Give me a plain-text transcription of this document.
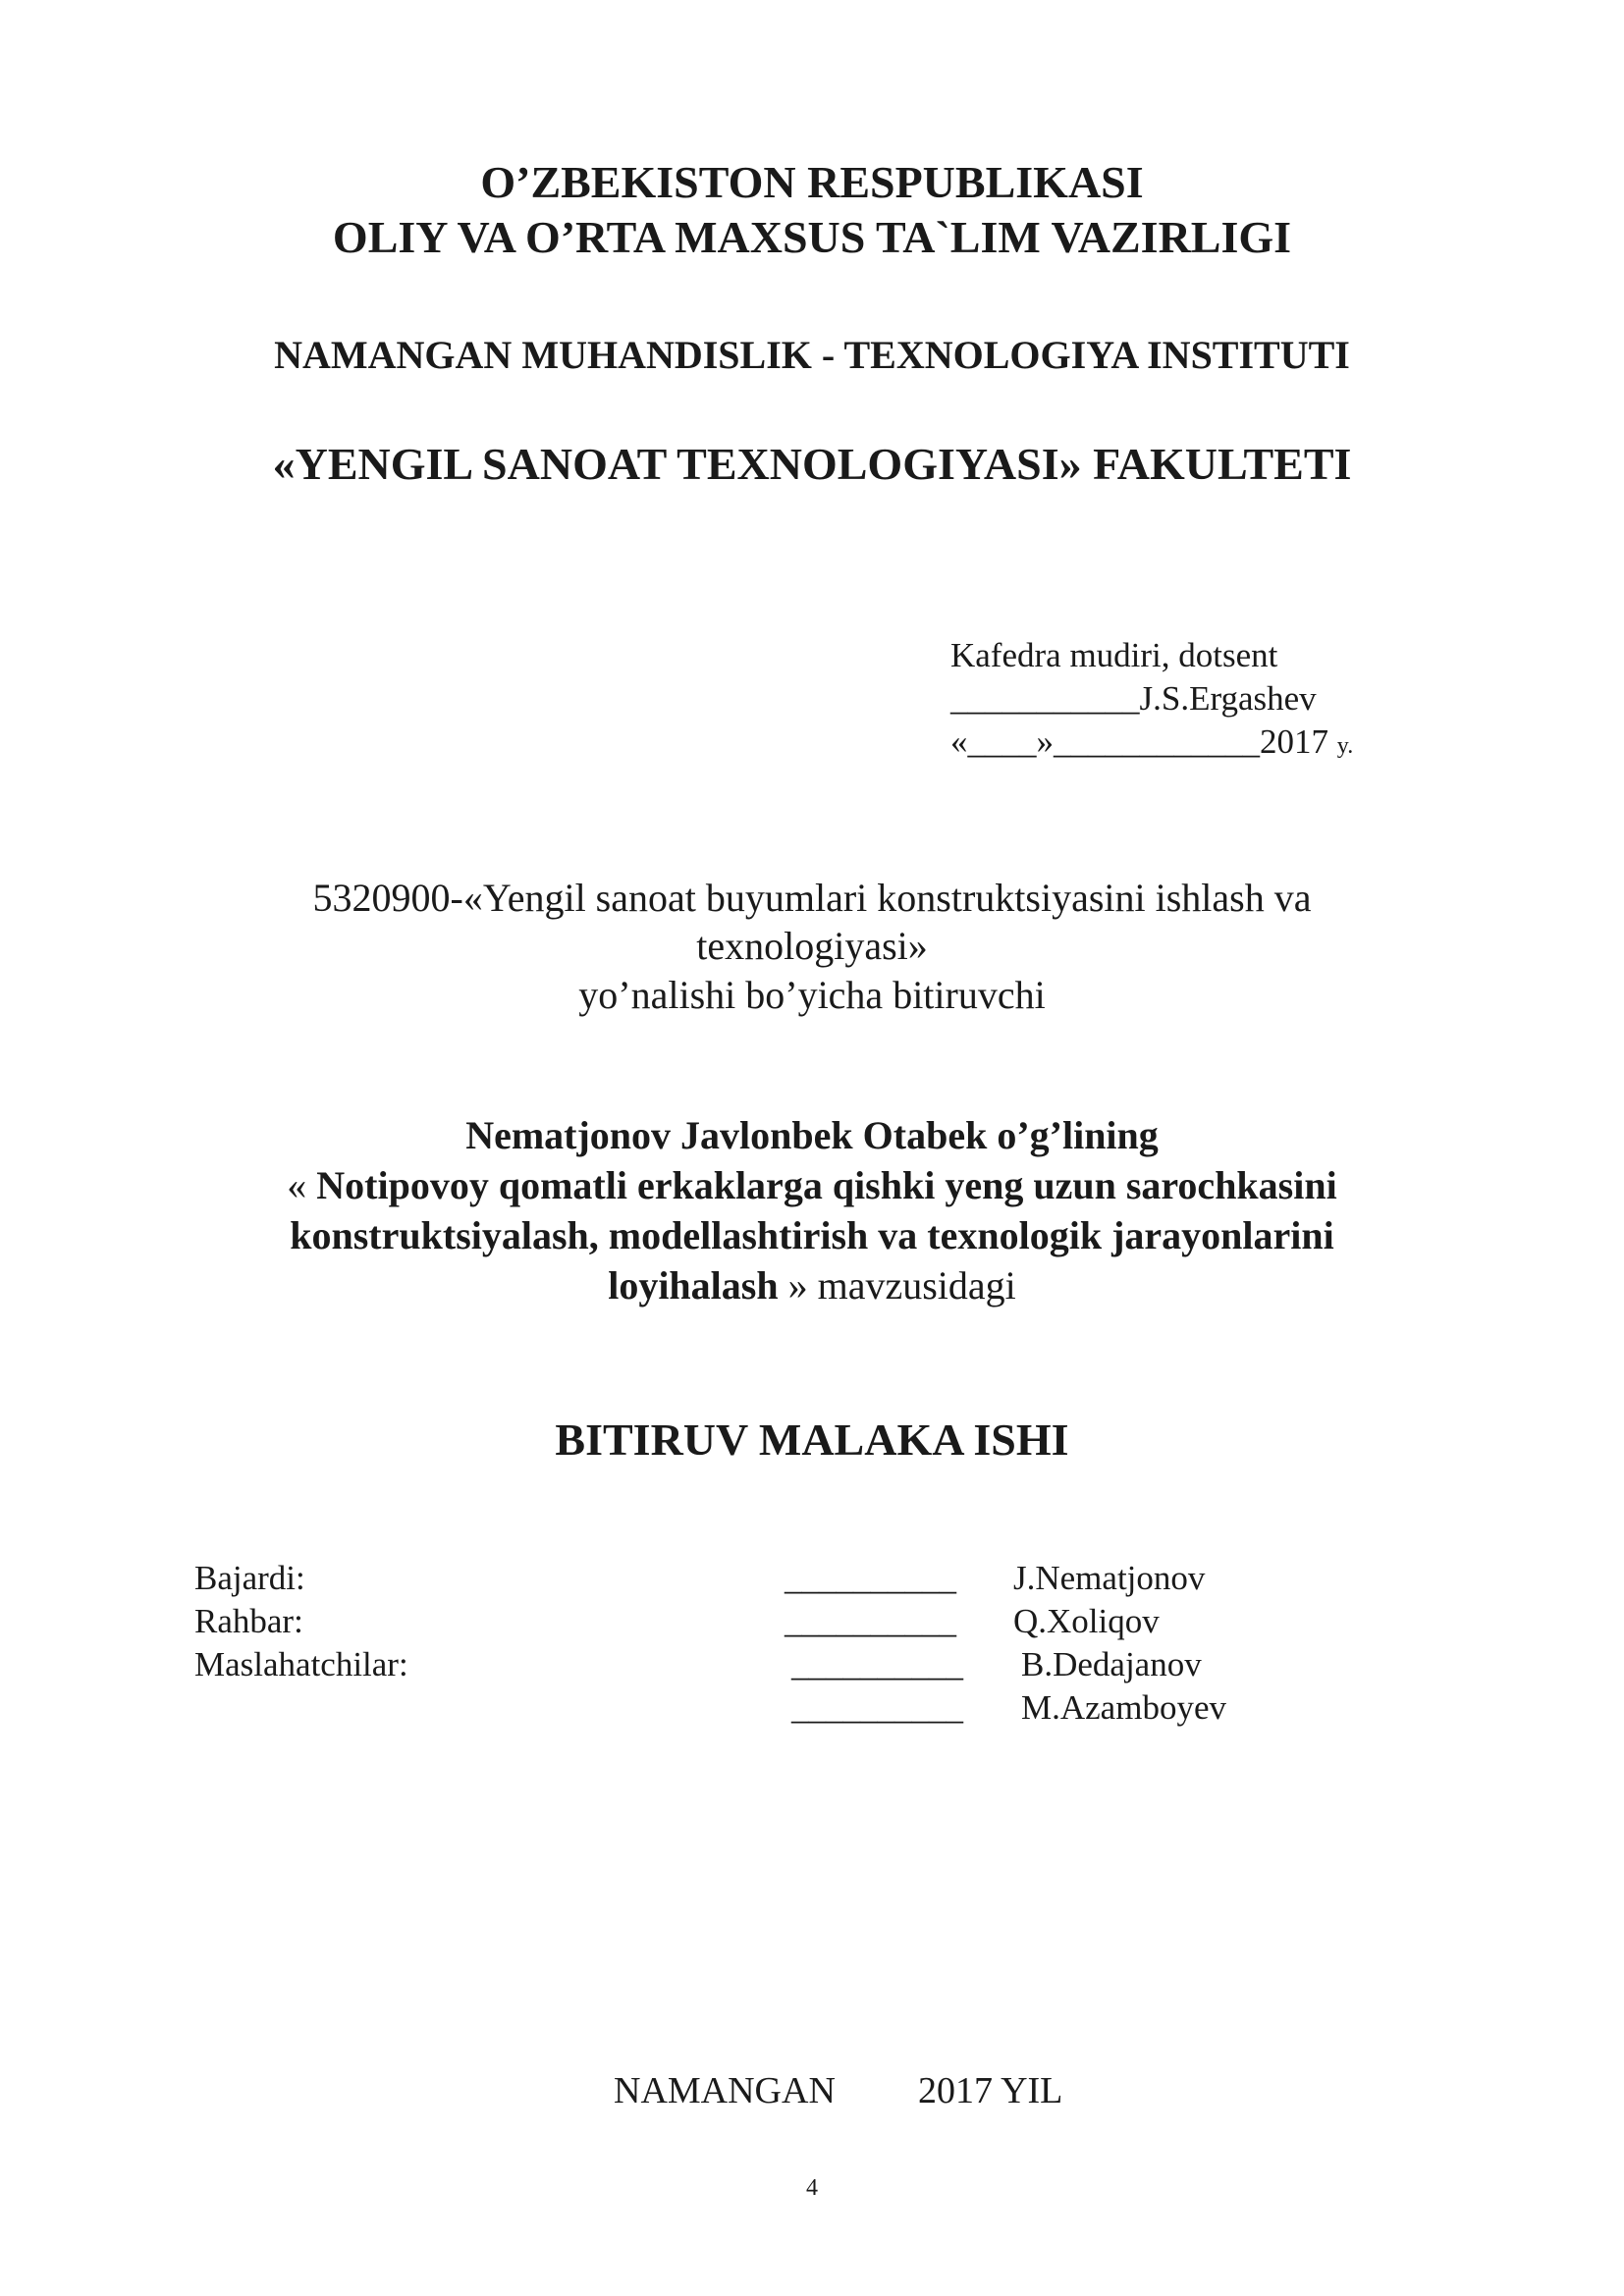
O’ZBEKISTON RESPUBLIKASI
OLIY VA O’RTA MAXSUS TA`LIM VAZIRLIGI
NAMANGAN MUHANDISLIK - TEXNOLOGIYA INSTITUTI
«YENGIL SANOAT TEXNOLOGIYASI» FAKULTETI
Kafedra mudiri, dotsent
___________J.S.Ergashev
«____»____________2017 y.
5320900-«Yengil sanoat buyumlari konstruktsiyasini ishlash va
texnologiyasi»
yo’nalishi bo’yicha bitiruvchi
Nematjonov Javlonbek Otabek o’g’lining
« Notipovoy qomatli erkaklarga qishki yeng uzun sarochkasini
konstruktsiyalash, modellashtirish va texnologik jarayonlarini
loyihalash » mavzusidagi
BITIRUV MALAKA ISHI
Bajardi:	__________ J.Nematjonov
Rahbar:	__________ Q.Xoliqov
Maslahatchilar:	__________ B.Dedajanov
__________ M.Azamboyev
NAMANGAN 2017 YIL
4
